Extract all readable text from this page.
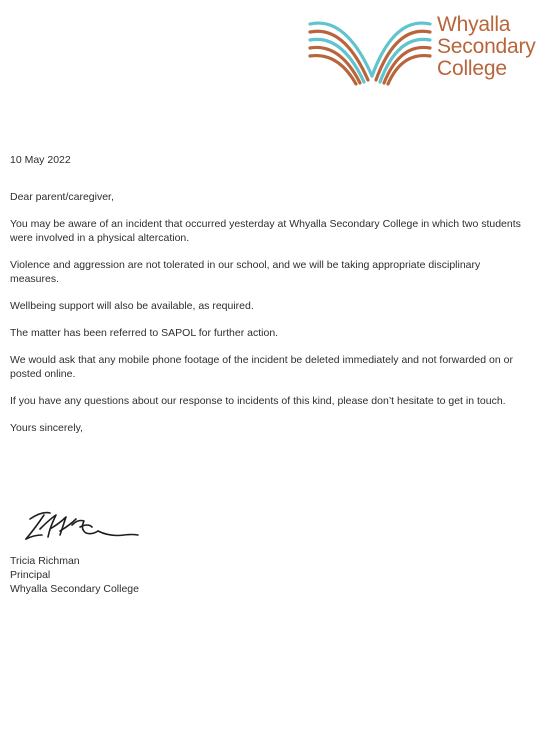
Whyalla
Secondary
College

10 May 2022

Dear parent/caregiver,

You may be aware of an incident that occurred yesterday at Whyalla Secondary College in which two students were involved in a physical altercation.

Violence and aggression are not tolerated in our school, and we will be taking appropriate disciplinary measures.

Wellbeing support will also be available, as required.

The matter has been referred to SAPOL for further action.

We would ask that any mobile phone footage of the incident be deleted immediately and not forwarded on or posted online.

If you have any questions about our response to incidents of this kind, please don’t hesitate to get in touch.

Yours sincerely,

Tricia Richman
Principal
Whyalla Secondary College
